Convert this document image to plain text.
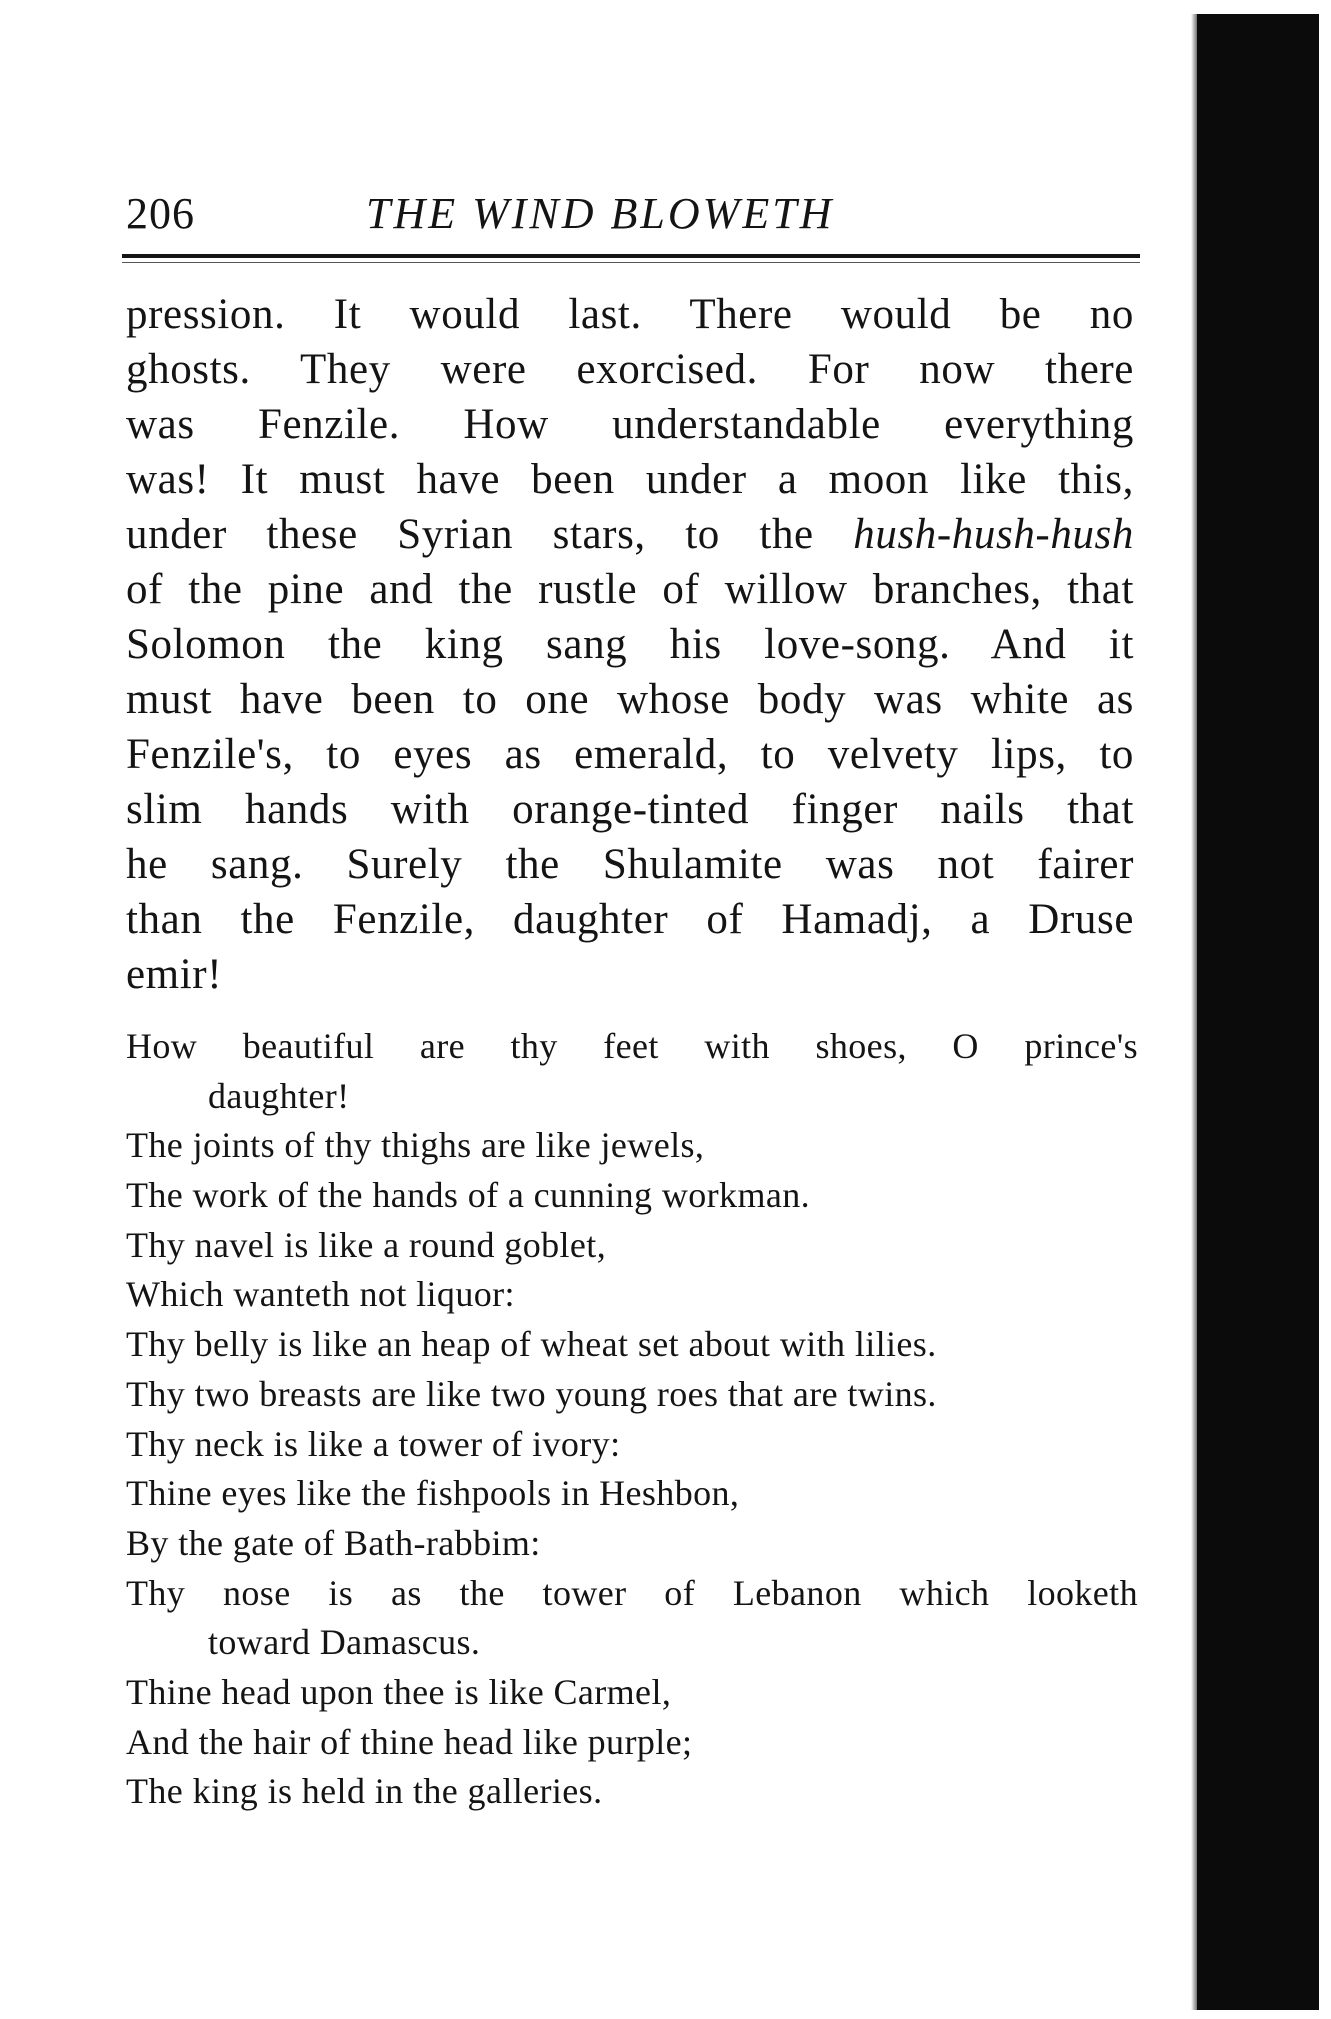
206	THE WIND BLOWETH
pression. It would last. There would be no
ghosts. They were exorcised. For now there
was Fenzile. How understandable everything
was! It must have been under a moon like this,
under these Syrian stars, to the hush-hush-hush
of the pine and the rustle of willow branches, that
Solomon the king sang his love-song. And it
must have been to one whose body was white as
Fenzile's, to eyes as emerald, to velvety lips, to
slim hands with orange-tinted finger nails that
he sang. Surely the Shulamite was not fairer
than the Fenzile, daughter of Hamadj, a Druse
emir!
How beautiful are thy feet with shoes, O prince's
daughter!
The joints of thy thighs are like jewels,
The work of the hands of a cunning workman.
Thy navel is like a round goblet,
Which wanteth not liquor:
Thy belly is like an heap of wheat set about with lilies.
Thy two breasts are like two young roes that are twins.
Thy neck is like a tower of ivory:
Thine eyes like the fishpools in Heshbon,
By the gate of Bath-rabbim:
Thy nose is as the tower of Lebanon which looketh
toward Damascus.
Thine head upon thee is like Carmel,
And the hair of thine head like purple;
The king is held in the galleries.
